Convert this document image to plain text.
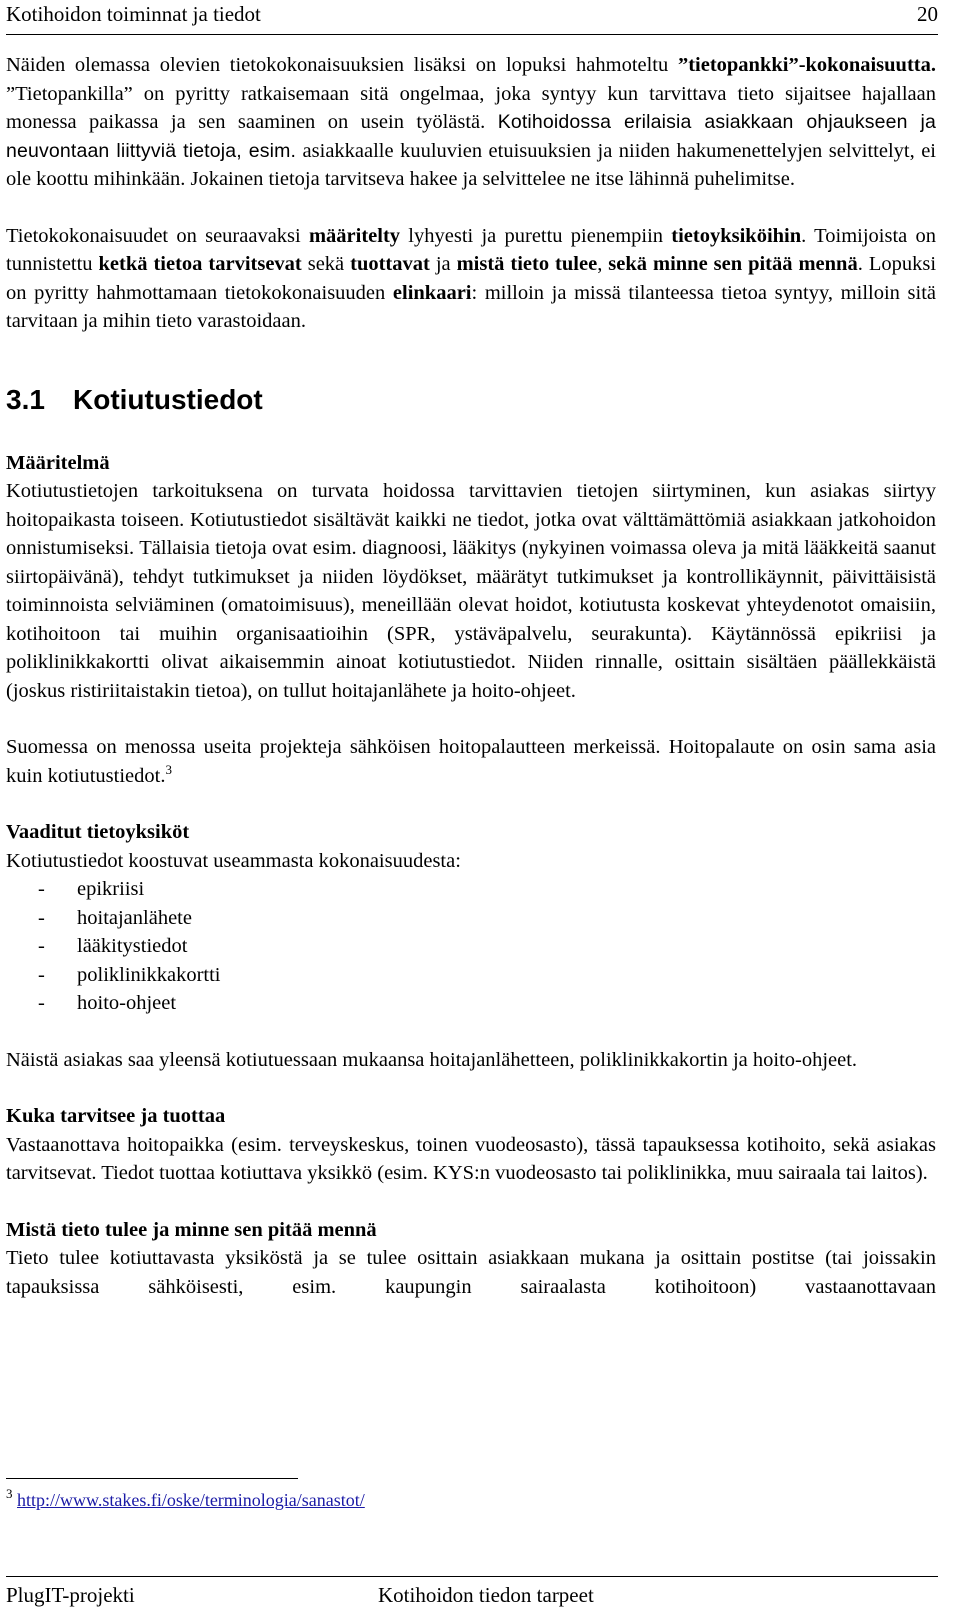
Kotihoidon toiminnat ja tiedot	20

Näiden olemassa olevien tietokokonaisuuksien lisäksi on lopuksi hahmoteltu ”tietopankki”-kokonaisuutta. ”Tietopankilla” on pyritty ratkaisemaan sitä ongelmaa, joka syntyy kun tarvittava tieto sijaitsee hajallaan monessa paikassa ja sen saaminen on usein työlästä. Kotihoidossa erilaisia asiakkaan ohjaukseen ja neuvontaan liittyviä tietoja, esim. asiakkaalle kuuluvien etuisuuksien ja niiden hakumenettelyjen selvittelyt, ei ole koottu mihinkään. Jokainen tietoja tarvitseva hakee ja selvittelee ne itse lähinnä puhelimitse.

Tietokokonaisuudet on seuraavaksi määritelty lyhyesti ja purettu pienempiin tietoyksiköihin. Toimijoista on tunnistettu ketkä tietoa tarvitsevat sekä tuottavat ja mistä tieto tulee, sekä minne sen pitää mennä. Lopuksi on pyritty hahmottamaan tietokokonaisuuden elinkaari: milloin ja missä tilanteessa tietoa syntyy, milloin sitä tarvitaan ja mihin tieto varastoidaan.

3.1 Kotiutustiedot
Määritelmä

Kotiutustietojen tarkoituksena on turvata hoidossa tarvittavien tietojen siirtyminen, kun asiakas siirtyy hoitopaikasta toiseen. Kotiutustiedot sisältävät kaikki ne tiedot, jotka ovat välttämättömiä asiakkaan jatkohoidon onnistumiseksi. Tällaisia tietoja ovat esim. diagnoosi, lääkitys (nykyinen voimassa oleva ja mitä lääkkeitä saanut siirtopäivänä), tehdyt tutkimukset ja niiden löydökset, määrätyt tutkimukset ja kontrollikäynnit, päivittäisistä toiminnoista selviäminen (omatoimisuus), meneillään olevat hoidot, kotiutusta koskevat yhteydenotot omaisiin, kotihoitoon tai muihin organisaatioihin (SPR, ystäväpalvelu, seurakunta). Käytännössä epikriisi ja poliklinikkakortti olivat aikaisemmin ainoat kotiutustiedot. Niiden rinnalle, osittain sisältäen päällekkäistä (joskus ristiriitaistakin tietoa), on tullut hoitajanlähete ja hoito-ohjeet.

Suomessa on menossa useita projekteja sähköisen hoitopalautteen merkeissä. Hoitopalaute on osin sama asia kuin kotiutustiedot.$^3$

Vaaditut tietoyksiköt

Kotiutustiedot koostuvat useammasta kokonaisuudesta:

- epikriisi
- hoitajanlähete
- lääkitystiedot
- poliklinikkakortti
- hoito-ohjeet

Näistä asiakas saa yleensä kotiutuessaan mukaansa hoitajanlähetteen, poliklinikkakortin ja hoito-ohjeet.

Kuka tarvitsee ja tuottaa

Vastaanottava hoitopaikka (esim. terveyskeskus, toinen vuodeosasto), tässä tapauksessa kotihoito, sekä asiakas tarvitsevat. Tiedot tuottaa kotiuttava yksikkö (esim. KYS:n vuodeosasto tai poliklinikka, muu sairaala tai laitos).

Mistä tieto tulee ja minne sen pitää mennä

Tieto tulee kotiuttavasta yksiköstä ja se tulee osittain asiakkaan mukana ja osittain postitse (tai joissakin tapauksissa sähköisesti, esim. kaupungin sairaalasta kotihoitoon) vastaanottavaan

$^3$ http://www.stakes.fi/oske/terminologia/sanastot/
PlugIT-projekti	Kotihoidon tiedon tarpeet
